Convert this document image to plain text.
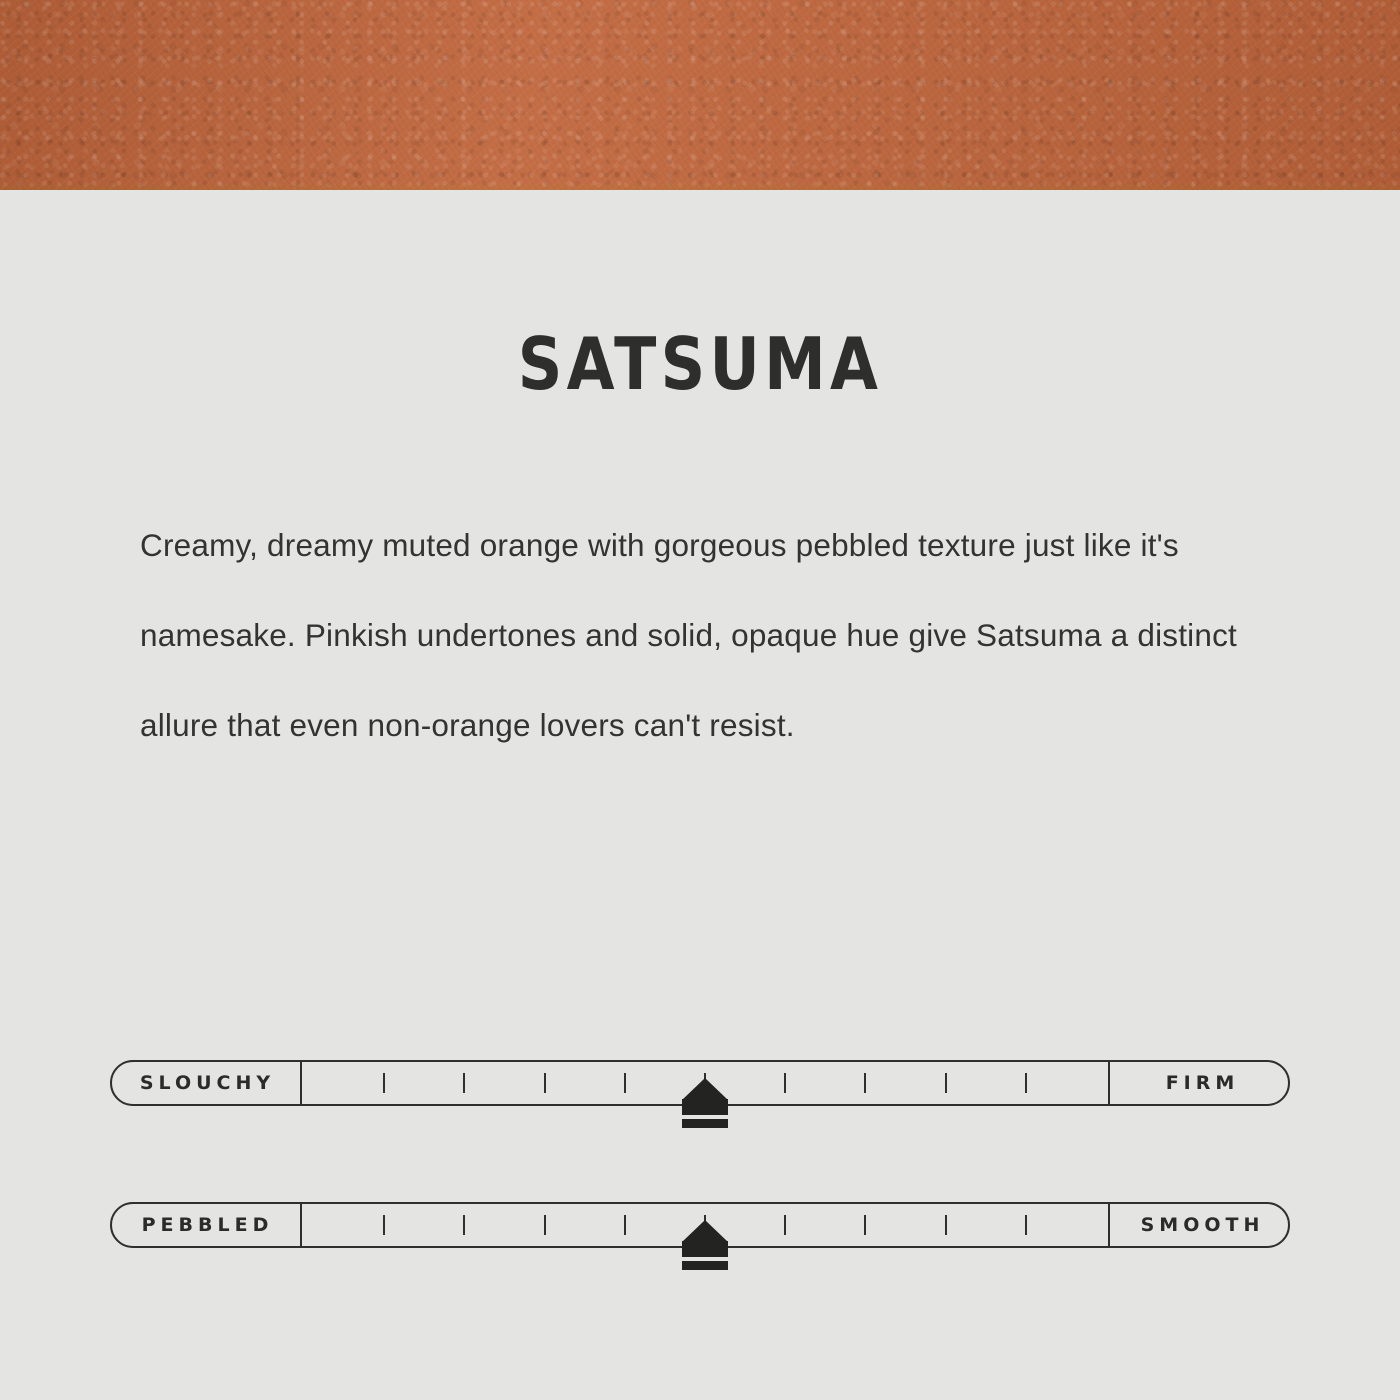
SATSUMA
Creamy, dreamy muted orange with gorgeous pebbled texture just like it's namesake. Pinkish undertones and solid, opaque hue give Satsuma a distinct allure that even non-orange lovers can't resist.
SLOUCHY	FIRM
PEBBLED	SMOOTH
